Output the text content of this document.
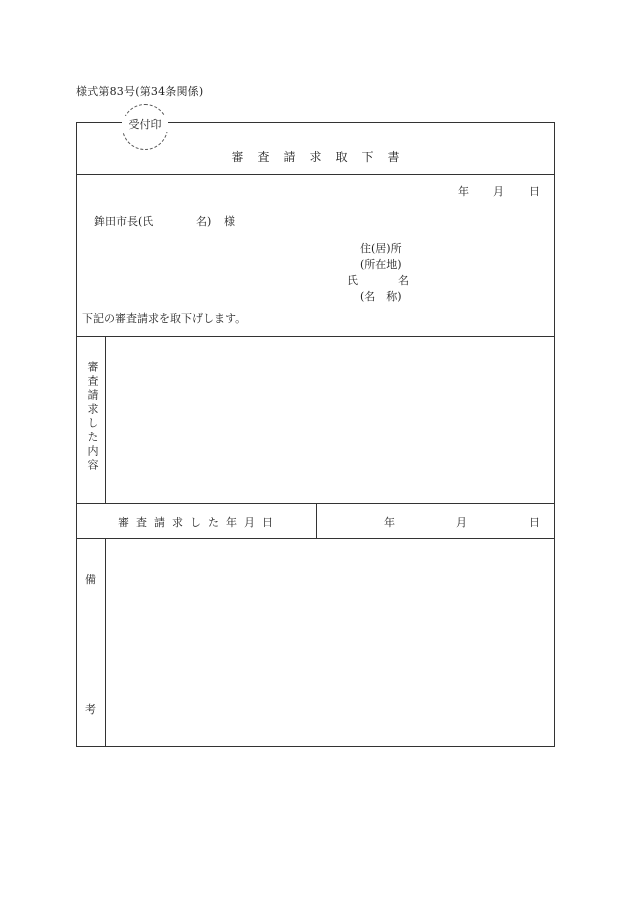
様式第83号(第34条関係)
受付印
審査請求取下書
年 月 日
鉾田市長(氏	名) 様
住(居)所
(所在地)
氏	名
(名　称)
下記の審査請求を取下げします。
審査請求した内容
審査請求した年月日	年	月	日
備
考
